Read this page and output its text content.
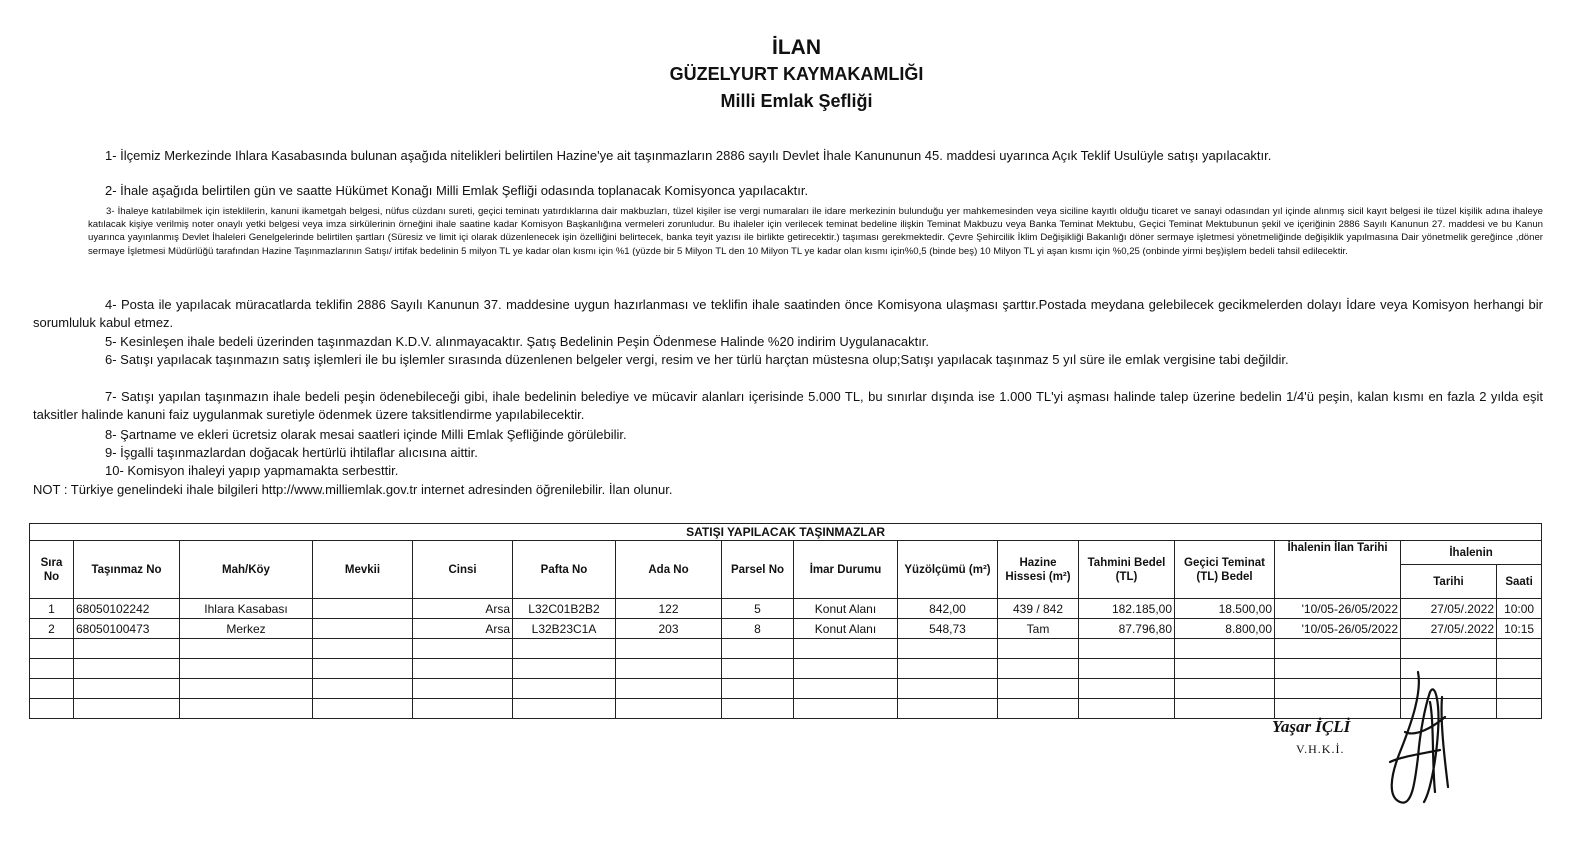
İLAN
GÜZELYURT KAYMAKAMLIĞI
Milli Emlak Şefliği
1- İlçemiz Merkezinde Ihlara Kasabasında bulunan aşağıda nitelikleri belirtilen Hazine'ye ait taşınmazların 2886 sayılı Devlet İhale Kanununun 45. maddesi uyarınca Açık Teklif Usulüyle satışı yapılacaktır.
2- İhale aşağıda belirtilen gün ve saatte Hükümet Konağı Milli Emlak Şefliği odasında toplanacak Komisyonca yapılacaktır.
3- İhaleye katılabilmek için isteklilerin, kanuni ikametgah belgesi, nüfus cüzdanı sureti, geçici teminatı yatırdıklarına dair makbuzları, tüzel kişiler ise vergi numaraları ile idare merkezinin bulunduğu yer mahkemesinden veya siciline kayıtlı olduğu ticaret ve sanayi odasından yıl içinde alınmış sicil kayıt belgesi ile tüzel kişilik adına ihaleye katılacak kişiye verilmiş noter onaylı yetki belgesi veya imza sirkülerinin örneğini ihale saatine kadar Komisyon Başkanlığına vermeleri zorunludur. Bu ihaleler için verilecek teminat bedeline ilişkin Teminat Makbuzu veya Banka Teminat Mektubu, Geçici Teminat Mektubunun şekil ve içeriğinin 2886 Sayılı Kanunun 27. maddesi ve bu Kanun uyarınca yayınlanmış Devlet İhaleleri Genelgelerinde belirtilen şartları (Süresiz ve limit içi olarak düzenlenecek işin özelliğini belirtecek, banka teyit yazısı ile birlikte getirecektir.) taşıması gerekmektedir. Çevre Şehircilik İklim Değişikliği Bakanlığı döner sermaye işletmesi yönetmeliğinde değişiklik yapılmasına Dair yönetmelik gereğince ,döner sermaye İşletmesi Müdürlüğü tarafından Hazine Taşınmazlarının Satışı/ irtifak bedelinin 5 milyon TL ye kadar olan kısmı için %1 (yüzde bir 5 Milyon TL den 10 Milyon TL ye kadar olan kısmı için%0,5 (binde beş) 10 Milyon TL yi aşan kısmı için %0,25 (onbinde yirmi beş)işlem bedeli tahsil edilecektir.
4- Posta ile yapılacak müracatlarda teklifin 2886 Sayılı Kanunun 37. maddesine uygun hazırlanması ve teklifin ihale saatinden önce Komisyona ulaşması şarttır.Postada meydana gelebilecek gecikmelerden dolayı İdare veya Komisyon herhangi bir sorumluluk kabul etmez.
5- Kesinleşen ihale bedeli üzerinden taşınmazdan K.D.V. alınmayacaktır. Şatış Bedelinin Peşin Ödenmese Halinde %20 indirim Uygulanacaktır.
6- Satışı yapılacak taşınmazın satış işlemleri ile bu işlemler sırasında düzenlenen belgeler vergi, resim ve her türlü harçtan müstesna olup;Satışı yapılacak taşınmaz 5 yıl süre ile emlak vergisine tabi değildir.
7- Satışı yapılan taşınmazın ihale bedeli peşin ödenebileceği gibi, ihale bedelinin belediye ve mücavir alanları içerisinde 5.000 TL, bu sınırlar dışında ise 1.000 TL'yi aşması halinde talep üzerine bedelin 1/4'ü peşin, kalan kısmı en fazla 2 yılda eşit taksitler halinde kanuni faiz uygulanmak suretiyle ödenmek üzere taksitlendirme yapılabilecektir.
8- Şartname ve ekleri ücretsiz olarak mesai saatleri içinde Milli Emlak Şefliğinde görülebilir.
9- İşgalli taşınmazlardan doğacak hertürlü ihtilaflar alıcısına aittir.
10- Komisyon ihaleyi yapıp yapmamakta serbesttir.
NOT : Türkiye genelindeki ihale bilgileri http://www.milliemlak.gov.tr internet adresinden öğrenilebilir. İlan olunur.
SATIŞI YAPILACAK TAŞINMAZLAR															
Sıra No	Taşınmaz No	Mah/Köy	Mevkii	Cinsi	Pafta No	Ada No	Parsel No	İmar Durumu	Yüzölçümü (m²)	Hazine Hissesi (m²)	Tahmini Bedel (TL)	Geçici Teminat (TL) Bedel	İhalenin İlan Tarihi	İhalenin	
														Tarihi	Saati
1	68050102242	Ihlara Kasabası		Arsa	L32C01B2B2	122	5	Konut Alanı	842,00	439 / 842	182.185,00	18.500,00	'10/05-26/05/2022	27/05/.2022	10:00
2	68050100473	Merkez		Arsa	L32B23C1A	203	8	Konut Alanı	548,73	Tam	87.796,80	8.800,00	'10/05-26/05/2022	27/05/.2022	10:15

Yaşar İÇLİ
V.H.K.İ.
